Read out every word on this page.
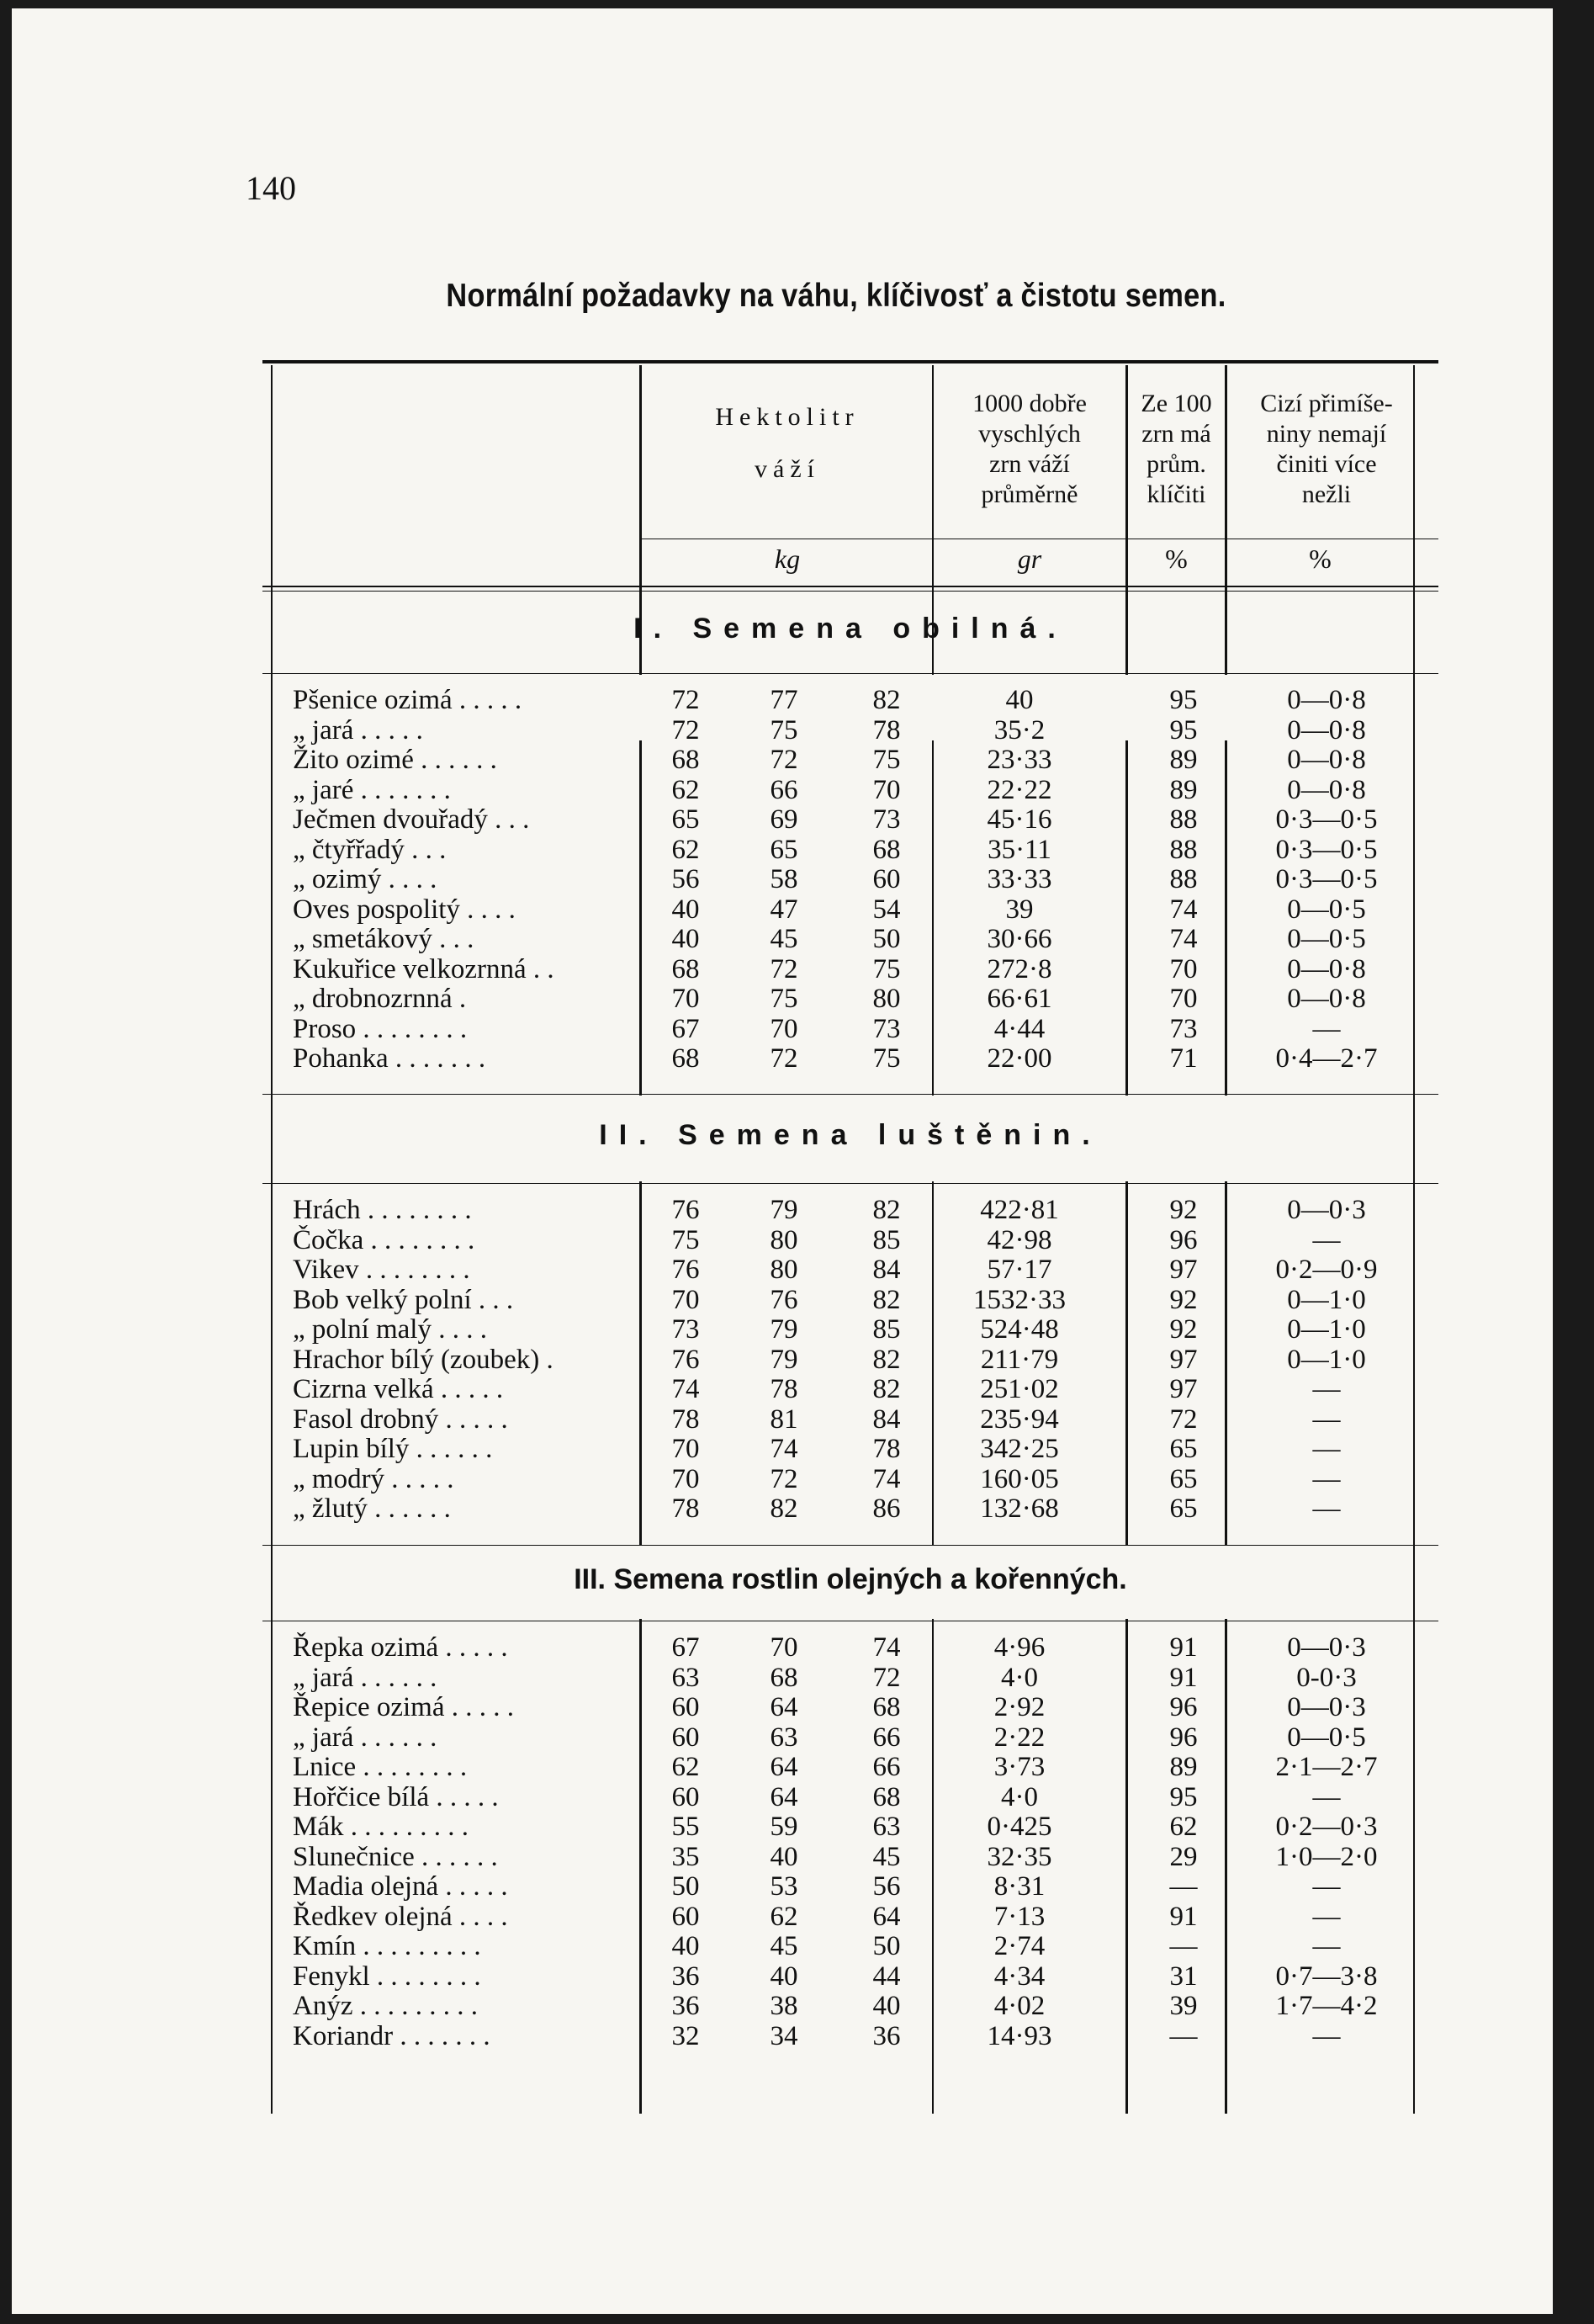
140
Normální požadavky na váhu, klíčivosť a čistotu semen.
Hektolitr
váží
1000 dobře
vyschlých
zrn váží
průměrně
Ze 100
zrn má
prům.
klíčiti
Cizí přimíše-
niny nemají
činiti více
nežli
kg	gr	%	%
I. Semena obilná.
II. Semena luštěnin.
III. Semena rostlin olejných a kořenných.
Pšenice ozimá . . . . .	72	77	82	40	95	0—0·8
„ jará . . . . .	72	75	78	35·2	95	0—0·8
Žito ozimé . . . . . .	68	72	75	23·33	89	0—0·8
„ jaré . . . . . . .	62	66	70	22·22	89	0—0·8
Ječmen dvouřadý . . .	65	69	73	45·16	88	0·3—0·5
„ čtyřřadý . . .	62	65	68	35·11	88	0·3—0·5
„ ozimý . . . .	56	58	60	33·33	88	0·3—0·5
Oves pospolitý . . . .	40	47	54	39	74	0—0·5
„ smetákový . . .	40	45	50	30·66	74	0—0·5
Kukuřice velkozrnná . .	68	72	75	272·8	70	0—0·8
„ drobnozrnná .	70	75	80	66·61	70	0—0·8
Proso . . . . . . . .	67	70	73	4·44	73	—
Pohanka . . . . . . .	68	72	75	22·00	71	0·4—2·7
Hrách . . . . . . . .	76	79	82	422·81	92	0—0·3
Čočka . . . . . . . .	75	80	85	42·98	96	—
Vikev . . . . . . . .	76	80	84	57·17	97	0·2—0·9
Bob velký polní . . .	70	76	82	1532·33	92	0—1·0
„ polní malý . . . .	73	79	85	524·48	92	0—1·0
Hrachor bílý (zoubek) .	76	79	82	211·79	97	0—1·0
Cizrna velká . . . . .	74	78	82	251·02	97	—
Fasol drobný . . . . .	78	81	84	235·94	72	—
Lupin bílý . . . . . .	70	74	78	342·25	65	—
„ modrý . . . . .	70	72	74	160·05	65	—
„ žlutý . . . . . .	78	82	86	132·68	65	—
Řepka ozimá . . . . .	67	70	74	4·96	91	0—0·3
„ jará . . . . . .	63	68	72	4·0	91	0-0·3
Řepice ozimá . . . . .	60	64	68	2·92	96	0—0·3
„ jará . . . . . .	60	63	66	2·22	96	0—0·5
Lnice . . . . . . . .	62	64	66	3·73	89	2·1—2·7
Hořčice bílá . . . . .	60	64	68	4·0	95	—
Mák . . . . . . . . .	55	59	63	0·425	62	0·2—0·3
Slunečnice . . . . . .	35	40	45	32·35	29	1·0—2·0
Madia olejná . . . . .	50	53	56	8·31	—	—
Ředkev olejná . . . .	60	62	64	7·13	91	—
Kmín . . . . . . . . .	40	45	50	2·74	—	—
Fenykl . . . . . . . .	36	40	44	4·34	31	0·7—3·8
Anýz . . . . . . . . .	36	38	40	4·02	39	1·7—4·2
Koriandr . . . . . . .	32	34	36	14·93	—	—
